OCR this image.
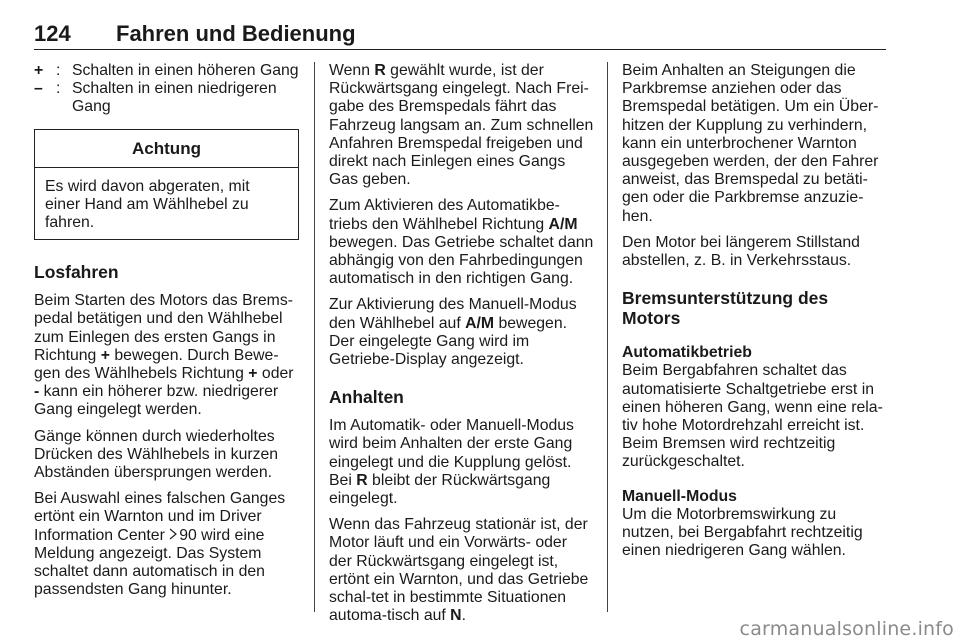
124 Fahren und Bedienung
+ : Schalten in einen höheren Gang
– : Schalten in einen niedrigeren Gang
Achtung
Es wird davon abgeraten, mit einer Hand am Wählhebel zu fahren.
Losfahren

Beim Starten des Motors das Brems-pedal betätigen und den Wählhebel zum Einlegen des ersten Gangs in Richtung + bewegen. Durch Bewe-gen des Wählhebels Richtung + oder - kann ein höherer bzw. niedrigerer Gang eingelegt werden.

Gänge können durch wiederholtes Drücken des Wählhebels in kurzen Abständen übersprungen werden.

Bei Auswahl eines falschen Ganges ertönt ein Warnton und im Driver Information Center 90 wird eine Meldung angezeigt. Das System schaltet dann automatisch in den passendsten Gang hinunter.

Wenn R gewählt wurde, ist der Rückwärtsgang eingelegt. Nach Frei-gabe des Bremspedals fährt das Fahrzeug langsam an. Zum schnellen Anfahren Bremspedal freigeben und direkt nach Einlegen eines Gangs Gas geben.

Zum Aktivieren des Automatikbe-triebs den Wählhebel Richtung A/M bewegen. Das Getriebe schaltet dann abhängig von den Fahrbedingungen automatisch in den richtigen Gang.

Zur Aktivierung des Manuell-Modus den Wählhebel auf A/M bewegen. Der eingelegte Gang wird im Getriebe-Display angezeigt.

Anhalten

Im Automatik- oder Manuell-Modus wird beim Anhalten der erste Gang eingelegt und die Kupplung gelöst. Bei R bleibt der Rückwärtsgang eingelegt.

Wenn das Fahrzeug stationär ist, der Motor läuft und ein Vorwärts- oder der Rückwärtsgang eingelegt ist, ertönt ein Warnton, und das Getriebe schal-tet in bestimmte Situationen automa-tisch auf N.

Beim Anhalten an Steigungen die Parkbremse anziehen oder das Bremspedal betätigen. Um ein Über-hitzen der Kupplung zu verhindern, kann ein unterbrochener Warnton ausgegeben werden, der den Fahrer anweist, das Bremspedal zu betäti-gen oder die Parkbremse anzuzie-hen.

Den Motor bei längerem Stillstand abstellen, z. B. in Verkehrsstaus.

Bremsunterstützung des Motors
Automatikbetrieb

Beim Bergabfahren schaltet das automatisierte Schaltgetriebe erst in einen höheren Gang, wenn eine rela-tiv hohe Motordrehzahl erreicht ist. Beim Bremsen wird rechtzeitig zurückgeschaltet.

Manuell-Modus

Um die Motorbremswirkung zu nutzen, bei Bergabfahrt rechtzeitig einen niedrigeren Gang wählen.

carmanualsonline.info
